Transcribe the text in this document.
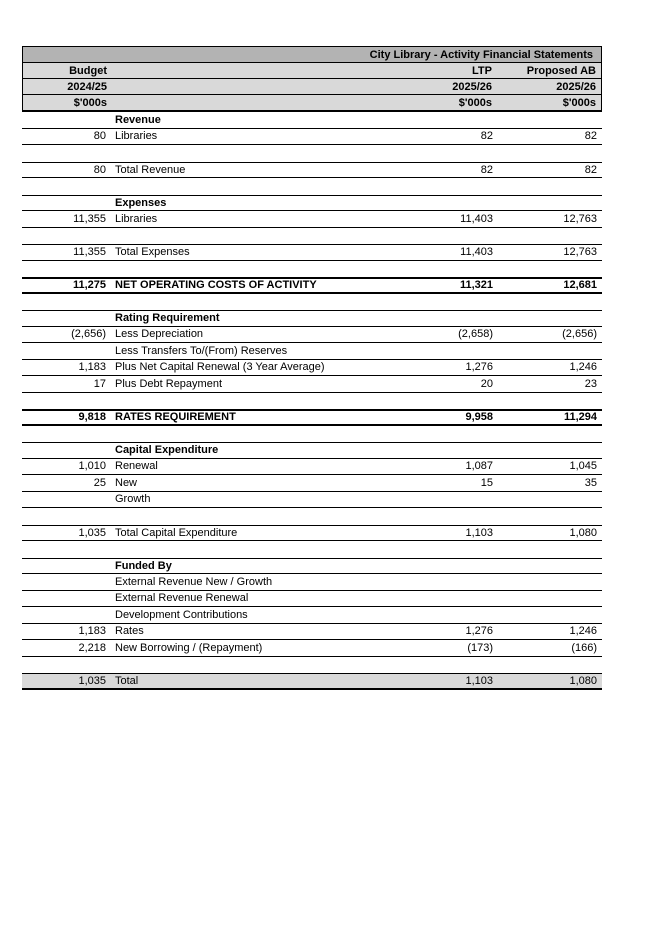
City Library - Activity Financial Statements
Budget	LTP	Proposed AB
2024/25	2025/26	2025/26
$'000s	$'000s	$'000s
Revenue
80 Libraries	82	82
80 Total Revenue	82	82
Expenses
11,355 Libraries	11,403	12,763
11,355 Total Expenses	11,403	12,763
11,275 NET OPERATING COSTS OF ACTIVITY	11,321	12,681
Rating Requirement
(2,656) Less Depreciation	(2,658)	(2,656)
Less Transfers To/(From) Reserves
1,183 Plus Net Capital Renewal (3 Year Average)	1,276	1,246
17 Plus Debt Repayment	20	23
9,818 RATES REQUIREMENT	9,958	11,294
Capital Expenditure
1,010 Renewal	1,087	1,045
25 New	15	35
Growth
1,035 Total Capital Expenditure	1,103	1,080
Funded By
External Revenue New / Growth
External Revenue Renewal
Development Contributions
1,183 Rates	1,276	1,246
2,218 New Borrowing / (Repayment)	(173)	(166)
1,035 Total	1,103	1,080
